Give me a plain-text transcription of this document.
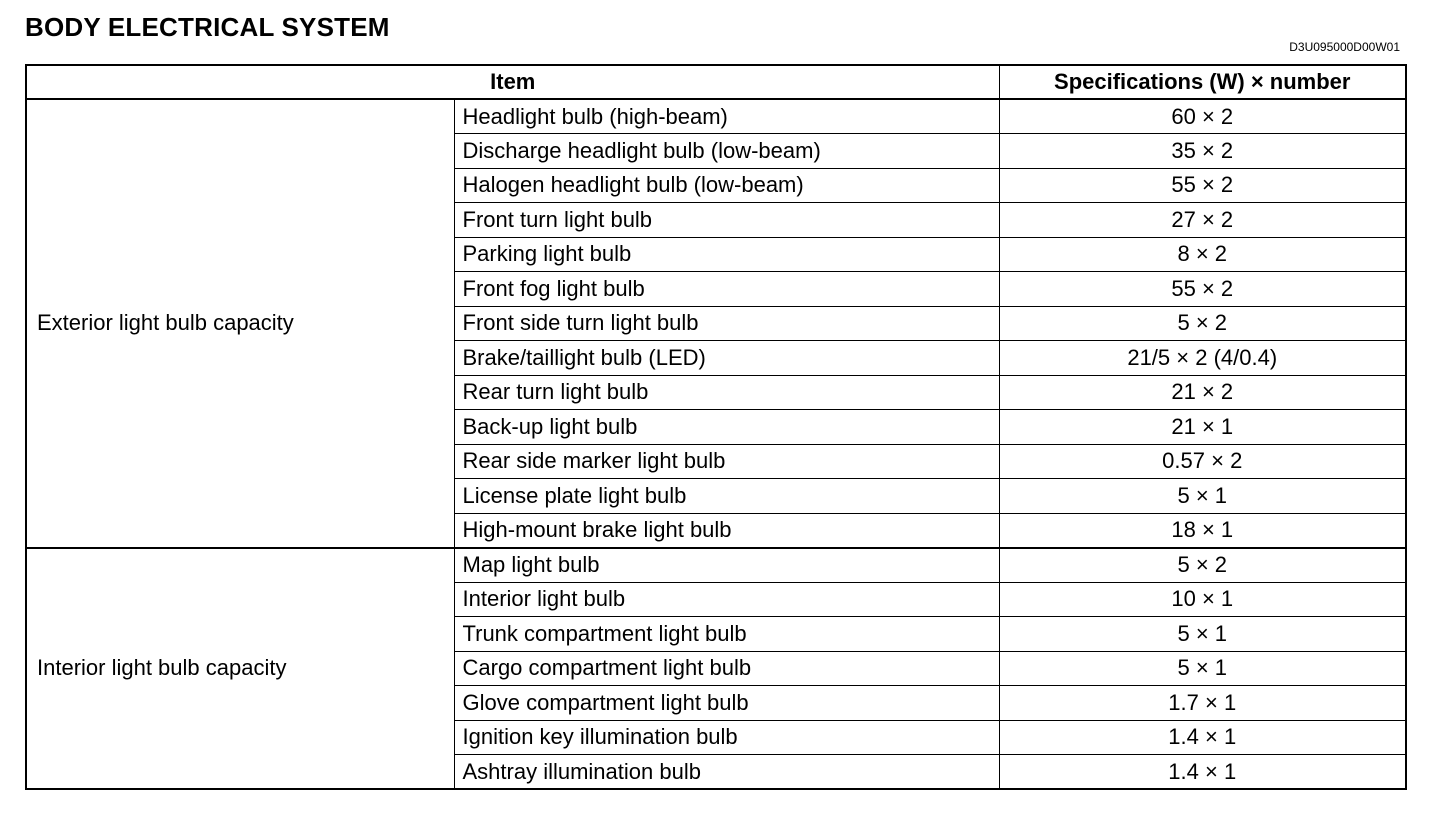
BODY ELECTRICAL SYSTEM
D3U095000D00W01
Item		Specifications (W) × number
Exterior light bulb capacity	Headlight bulb (high-beam)	60 × 2
	Discharge headlight bulb (low-beam)	35 × 2
	Halogen headlight bulb (low-beam)	55 × 2
	Front turn light bulb	27 × 2
	Parking light bulb	8 × 2
	Front fog light bulb	55 × 2
	Front side turn light bulb	5 × 2
	Brake/taillight bulb (LED)	21/5 × 2 (4/0.4)
	Rear turn light bulb	21 × 2
	Back-up light bulb	21 × 1
	Rear side marker light bulb	0.57 × 2
	License plate light bulb	5 × 1
	High-mount brake light bulb	18 × 1
Interior light bulb capacity	Map light bulb	5 × 2
	Interior light bulb	10 × 1
	Trunk compartment light bulb	5 × 1
	Cargo compartment light bulb	5 × 1
	Glove compartment light bulb	1.7 × 1
	Ignition key illumination bulb	1.4 × 1
	Ashtray illumination bulb	1.4 × 1
